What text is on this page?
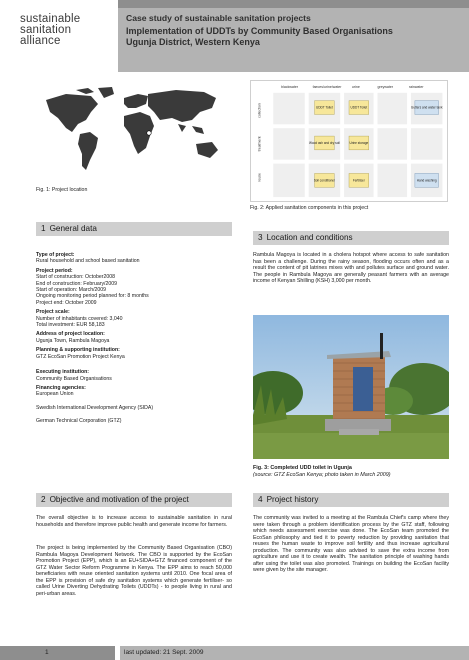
sustainable
sanitation
alliance
Case study of sustainable sanitation projects
Implementation of UDDTs by Community Based Organisations
Ugunja District, Western Kenya
Fig. 1: Project location
blackwater	faeces/urine/water	urine	greywater	rainwater
collection
treatment
reuse
UDDT Toilet	UDDT Toilet	Gutters and water tank
Wood ash and dry soil	Urine storage
Soil conditioner	Fertiliser	Hand washing
Fig. 2: Applied sanitation components in this project
1 General data
Type of project:
Rural household and school based sanitation
Project period:
Start of construction: October2008
End of construction: February/2009
Start of operation: March/2009
Ongoing monitoring period planned for: 8 months
Project end: October 2009
Project scale:
Number of inhabitants covered: 3,040
Total investment: EUR 58,183
Address of project location:
Ugunja Town, Rambula Magoya
Planning & supporting institution:
GTZ EcoSan Promotion Project Kenya
Executing institution:
Community Based Organisations
Financing agencies:
European Union
Swedish International Development Agency (SIDA)
German Technical Corporation (GTZ)
2 Objective and motivation of the project
The overall objective is to increase access to sustainable sanitation in rural households and therefore improve public health and generate income for farmers.
The project is being implemented by the Community Based Organisation (CBO) Rambula Magoya Development Network. The CBO is supported by the EcoSan Promotion Project (EPP), which is an EU+SIDA+GTZ financed component of the GTZ Water Sector Reform Programme in Kenya. The EPP aims to reach 50,000 beneficiaries with reuse oriented sanitation systems until 2010. One focal area of the EPP is provision of safe dry sanitation systems which generate fertiliser- so called Urine Diverting Dehydrating Toilets (UDDTs) - to people living in rural and peri-urban areas.
3 Location and conditions
Rambula Magoya is located in a cholera hotspot where access to safe sanitation has been a challenge. During the rainy season, flooding occurs often and as a result the content of pit latrines mixes with and pollutes surface and ground water. The people in Rambula Magoya are generally peasant farmers with an average income of Kenyan Shilling (KSH) 3,000 per month.
Fig. 3: Completed UDD toilet in Ugunja
(source: GTZ EcoSan Kenya; photo taken in March 2009)
4 Project history
The community was invited to a meeting at the Rambula Chief's camp where they were taken through a problem identification process by the GTZ staff, following which needs assessment exercise was done. The EcoSan team promoted the EcoSan philosophy and tied it to poverty reduction by providing sanitation that reuses the human waste to improve soil fertility and thus increase agricultural production. The community was also advised to save the extra income from agriculture and use it to create wealth. The sanitation principle of washing hands after using the toilet was also promoted. Trainings on building the EcoSan facility were given by the site manager.
1	last updated: 21 Sept. 2009
